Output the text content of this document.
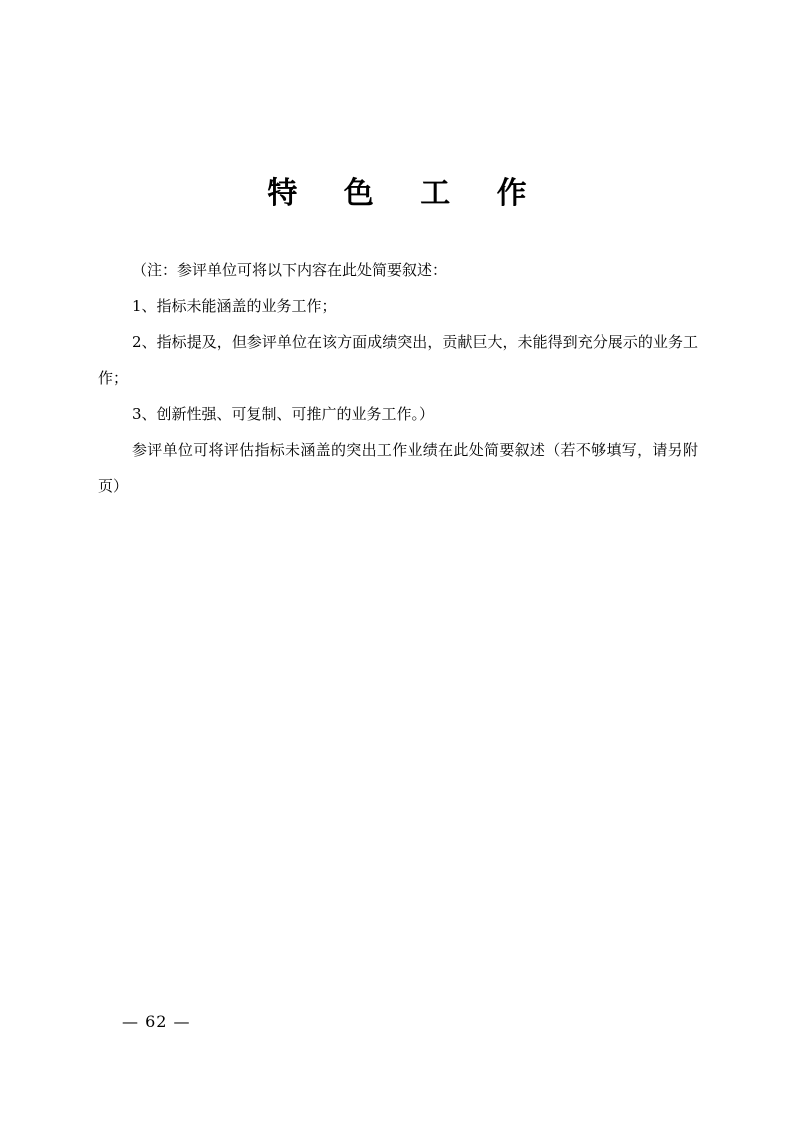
特 色 工 作

（注：参评单位可将以下内容在此处简要叙述：

1、指标未能涵盖的业务工作；

2、指标提及，但参评单位在该方面成绩突出，贡献巨大，未能得到充分展示的业务工作；

3、创新性强、可复制、可推广的业务工作。）

参评单位可将评估指标未涵盖的突出工作业绩在此处简要叙述（若不够填写，请另附页）

— 62 —
